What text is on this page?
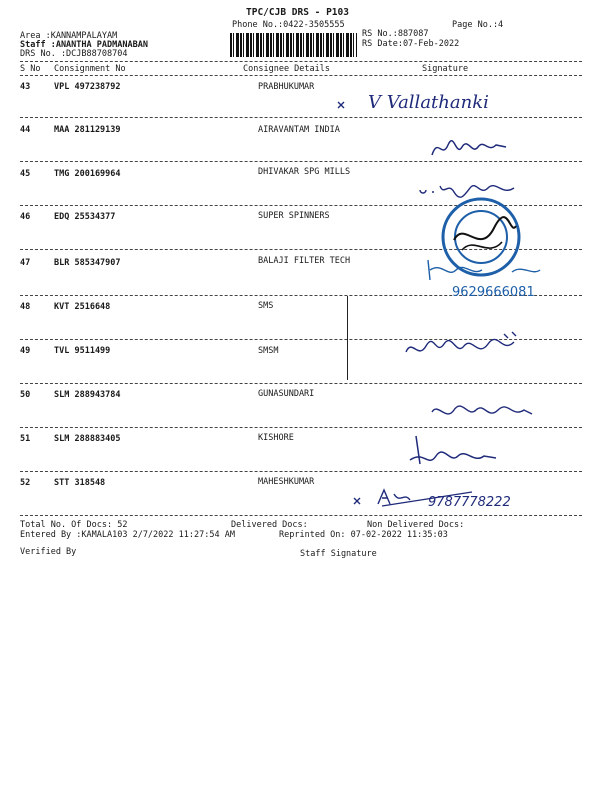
TPC/CJB DRS - P103
Phone No.:0422-3505555	Page No.:4
Area :KANNAMPALAYAM
Staff :ANANTHA PADMANABAN
DRS No. :DCJB88708704
RS No.:887087
RS Date:07-Feb-2022
S No Consignment No	Consignee Details	Signature
43	VPL 497238792	PRABHUKUMAR
44	MAA 281129139	AIRAVANTAM INDIA
45	TMG 200169964	DHIVAKAR SPG MILLS
46	EDQ 25534377	SUPER SPINNERS
47	BLR 585347907	BALAJI FILTER TECH
48	KVT 2516648	SMS
49	TVL 9511499	SMSM
50	SLM 288943784	GUNASUNDARI
51	SLM 288883405	KISHORE
52	STT 318548	MAHESHKUMAR
V Vallathanki
9629666081
9787778222
Total No. Of Docs: 52	Delivered Docs:	Non Delivered Docs:
Entered By :KAMALA103 2/7/2022 11:27:54 AM	Reprinted On: 07-02-2022 11:35:03
Verified By	Staff Signature
